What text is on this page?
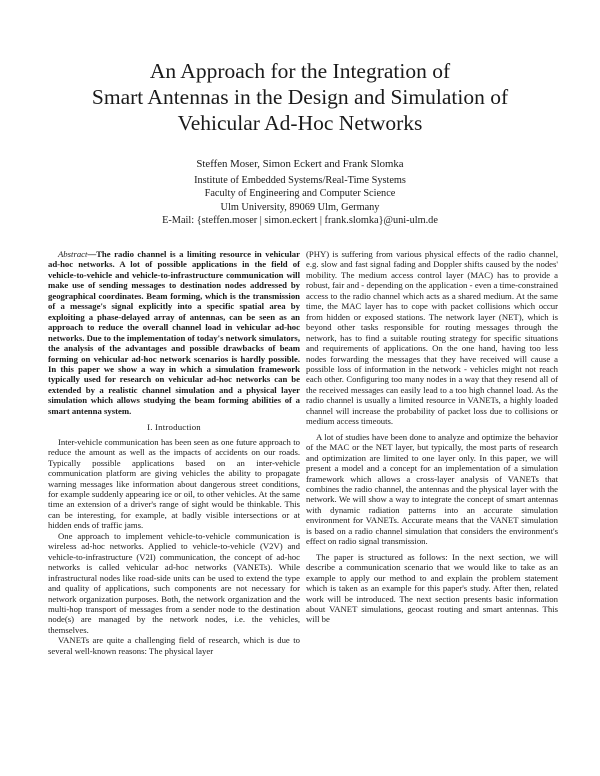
An Approach for the Integration of
Smart Antennas in the Design and Simulation of
Vehicular Ad-Hoc Networks
Steffen Moser, Simon Eckert and Frank Slomka
Institute of Embedded Systems/Real-Time Systems
Faculty of Engineering and Computer Science
Ulm University, 89069 Ulm, Germany
E-Mail: {steffen.moser | simon.eckert | frank.slomka}@uni-ulm.de

Abstract—The radio channel is a limiting resource in vehicular ad-hoc networks. A lot of possible applications in the field of vehicle-to-vehicle and vehicle-to-infrastructure communication will make use of sending messages to destination nodes addressed by geographical coordinates. Beam forming, which is the transmission of a message's signal explicitly into a specific spatial area by exploiting a phase-delayed array of antennas, can be seen as an approach to reduce the overall channel load in vehicular ad-hoc networks. Due to the implementation of today's network simulators, the analysis of the advantages and possible drawbacks of beam forming on vehicular ad-hoc network scenarios is hardly possible. In this paper we show a way in which a simulation framework typically used for research on vehicular ad-hoc networks can be extended by a realistic channel simulation and a physical layer simulation which allows studying the beam forming abilities of a smart antenna system.

I. Introduction

Inter-vehicle communication has been seen as one future approach to reduce the amount as well as the impacts of accidents on our roads. Typically possible applications based on an inter-vehicle communication platform are giving vehicles the ability to propagate warning messages like information about dangerous street conditions, for example suddenly appearing ice or oil, to other vehicles. At the same time an extension of a driver's range of sight would be thinkable. This can be interesting, for example, at badly visible intersections or at hidden ends of traffic jams.

One approach to implement vehicle-to-vehicle communication is wireless ad-hoc networks. Applied to vehicle-to-vehicle (V2V) and vehicle-to-infrastructure (V2I) communication, the concept of ad-hoc networks is called vehicular ad-hoc networks (VANETs). While infrastructural nodes like road-side units can be used to extend the type and quality of applications, such components are not necessary for network organization purposes. Both, the network organization and the multi-hop transport of messages from a sender node to the destination node(s) are managed by the network nodes, i.e. the vehicles, themselves.

VANETs are quite a challenging field of research, which is due to several well-known reasons: The physical layer

(PHY) is suffering from various physical effects of the radio channel, e.g. slow and fast signal fading and Doppler shifts caused by the nodes' mobility. The medium access control layer (MAC) has to provide a robust, fair and - depending on the application - even a time-constrained access to the radio channel which acts as a shared medium. At the same time, the MAC layer has to cope with packet collisions which occur from hidden or exposed stations. The network layer (NET), which is beyond other tasks responsible for routing messages through the network, has to find a suitable routing strategy for specific situations and requirements of applications. On the one hand, having too less nodes forwarding the messages that they have received will cause a possible loss of information in the network - vehicles might not reach each other. Configuring too many nodes in a way that they resend all of the received messages can easily lead to a too high channel load. As the radio channel is usually a limited resource in VANETs, a highly loaded channel will increase the probability of packet loss due to collisions or medium access timeouts.

A lot of studies have been done to analyze and optimize the behavior of the MAC or the NET layer, but typically, the most parts of research and optimization are limited to one layer only. In this paper, we will present a model and a concept for an implementation of a simulation framework which allows a cross-layer analysis of VANETs that combines the radio channel, the antennas and the physical layer with the network. We will show a way to integrate the concept of smart antennas with dynamic radiation patterns into an accurate simulation environment for VANETs. Accurate means that the VANET simulation is based on a radio channel simulation that considers the environment's effect on radio signal transmission.

The paper is structured as follows: In the next section, we will describe a communication scenario that we would like to take as an example to apply our method to and explain the problem statement which is taken as an example for this paper's study. After then, related work will be introduced. The next section presents basic information about VANET simulations, geocast routing and smart antennas. This will be
